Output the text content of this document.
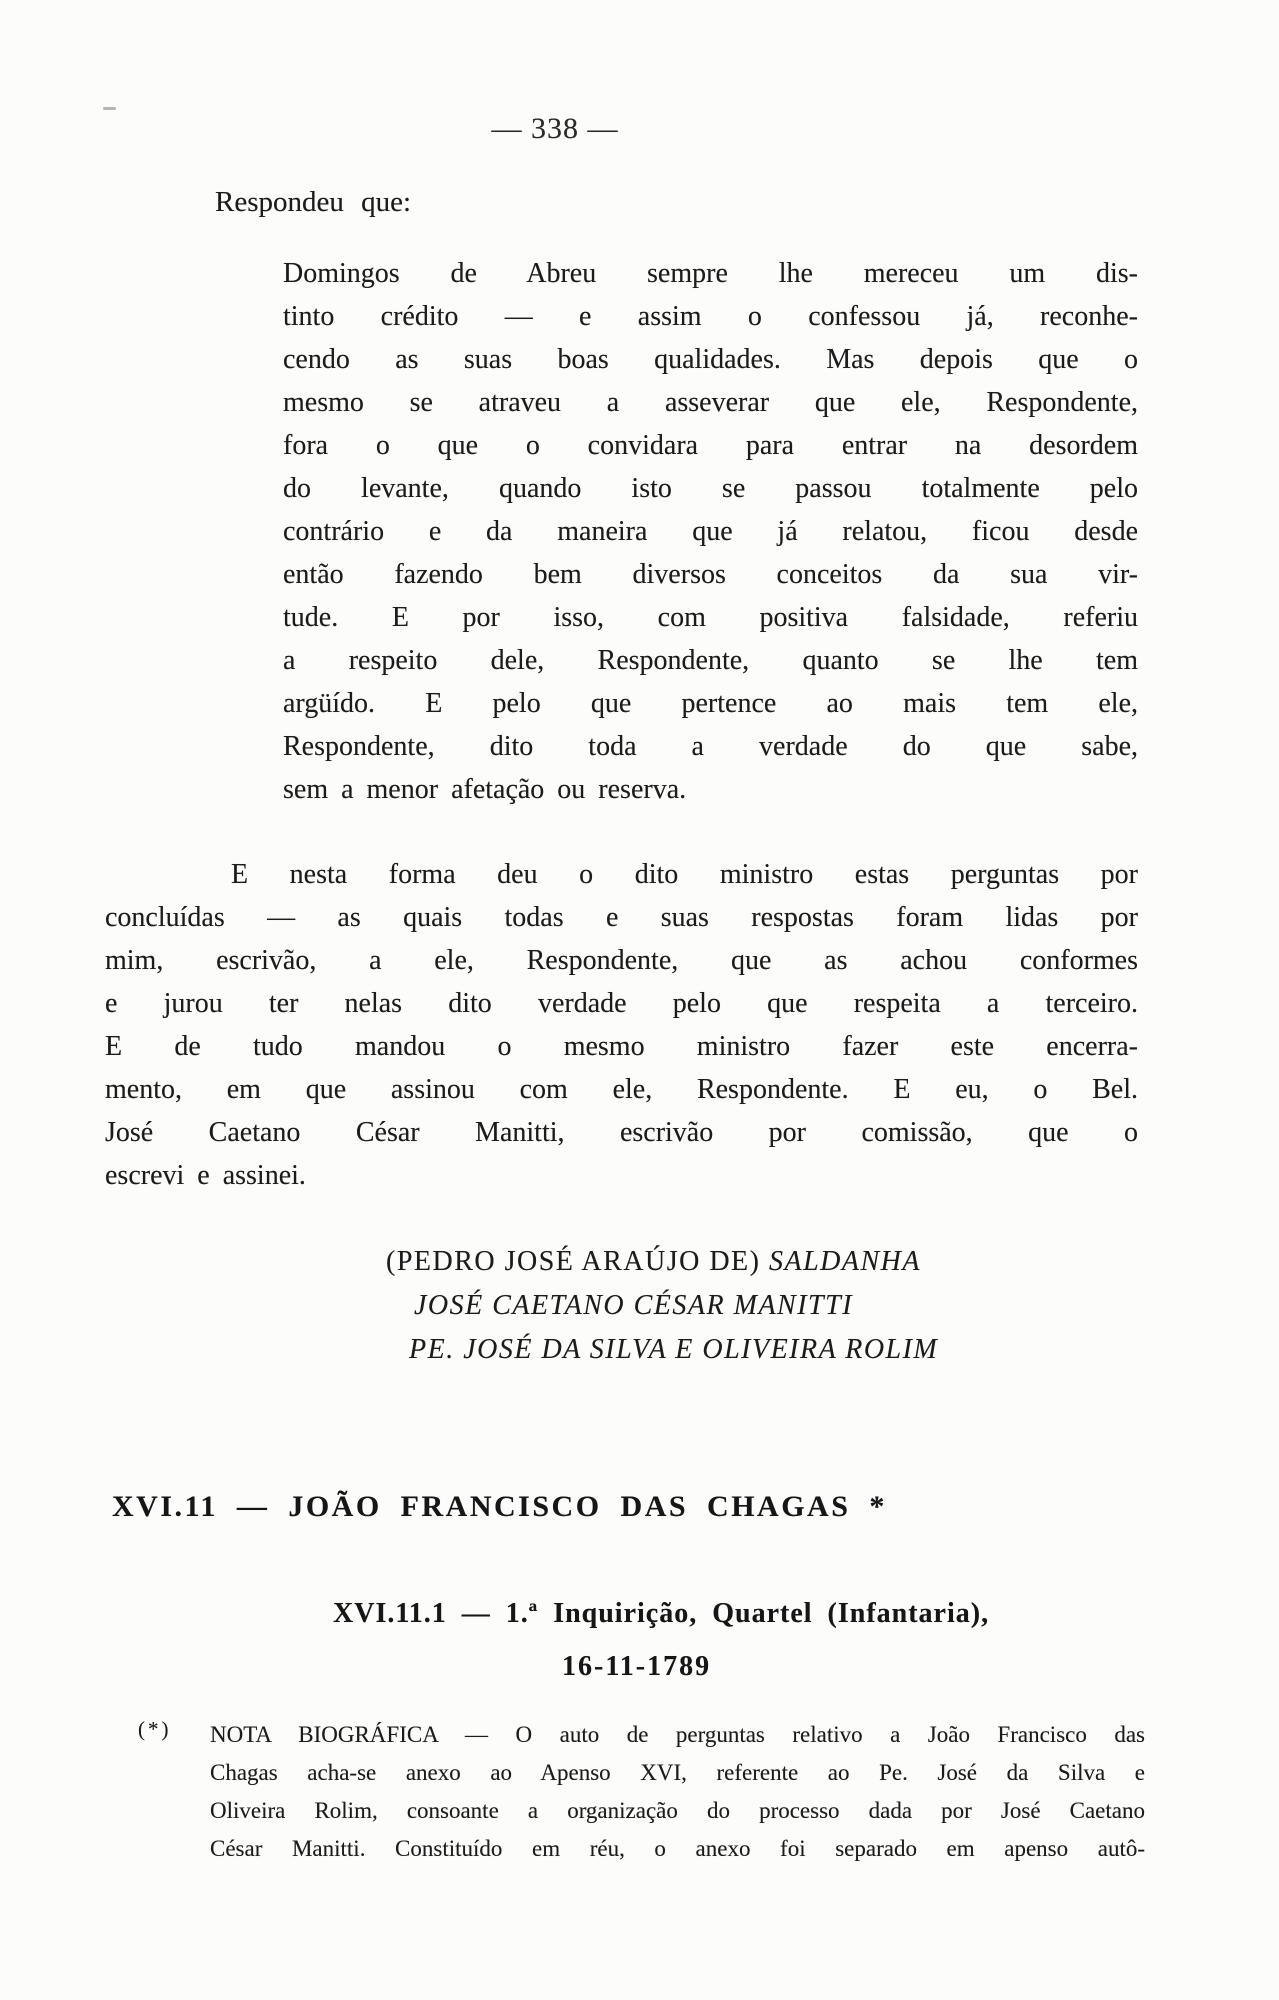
— 338 —
Respondeu que:
Domingos de Abreu sempre lhe mereceu um dis-
tinto crédito — e assim o confessou já, reconhe-
cendo as suas boas qualidades. Mas depois que o
mesmo se atraveu a asseverar que ele, Respondente,
fora o que o convidara para entrar na desordem
do levante, quando isto se passou totalmente pelo
contrário e da maneira que já relatou, ficou desde
então fazendo bem diversos conceitos da sua vir-
tude. E por isso, com positiva falsidade, referiu
a respeito dele, Respondente, quanto se lhe tem
argüído. E pelo que pertence ao mais tem ele,
Respondente, dito toda a verdade do que sabe,
sem a menor afetação ou reserva.
E nesta forma deu o dito ministro estas perguntas por
concluídas — as quais todas e suas respostas foram lidas por
mim, escrivão, a ele, Respondente, que as achou conformes
e jurou ter nelas dito verdade pelo que respeita a terceiro.
E de tudo mandou o mesmo ministro fazer este encerra-
mento, em que assinou com ele, Respondente. E eu, o Bel.
José Caetano César Manitti, escrivão por comissão, que o
escrevi e assinei.
(PEDRO JOSÉ ARAÚJO DE) SALDANHA
JOSÉ CAETANO CÉSAR MANITTI
PE. JOSÉ DA SILVA E OLIVEIRA ROLIM
XVI.11 — JOÃO FRANCISCO DAS CHAGAS *
XVI.11.1 — 1.ª Inquirição, Quartel (Infantaria),
16-11-1789
(*) NOTA BIOGRÁFICA — O auto de perguntas relativo a João Francisco das
Chagas acha-se anexo ao Apenso XVI, referente ao Pe. José da Silva e
Oliveira Rolim, consoante a organização do processo dada por José Caetano
César Manitti. Constituído em réu, o anexo foi separado em apenso autô-
